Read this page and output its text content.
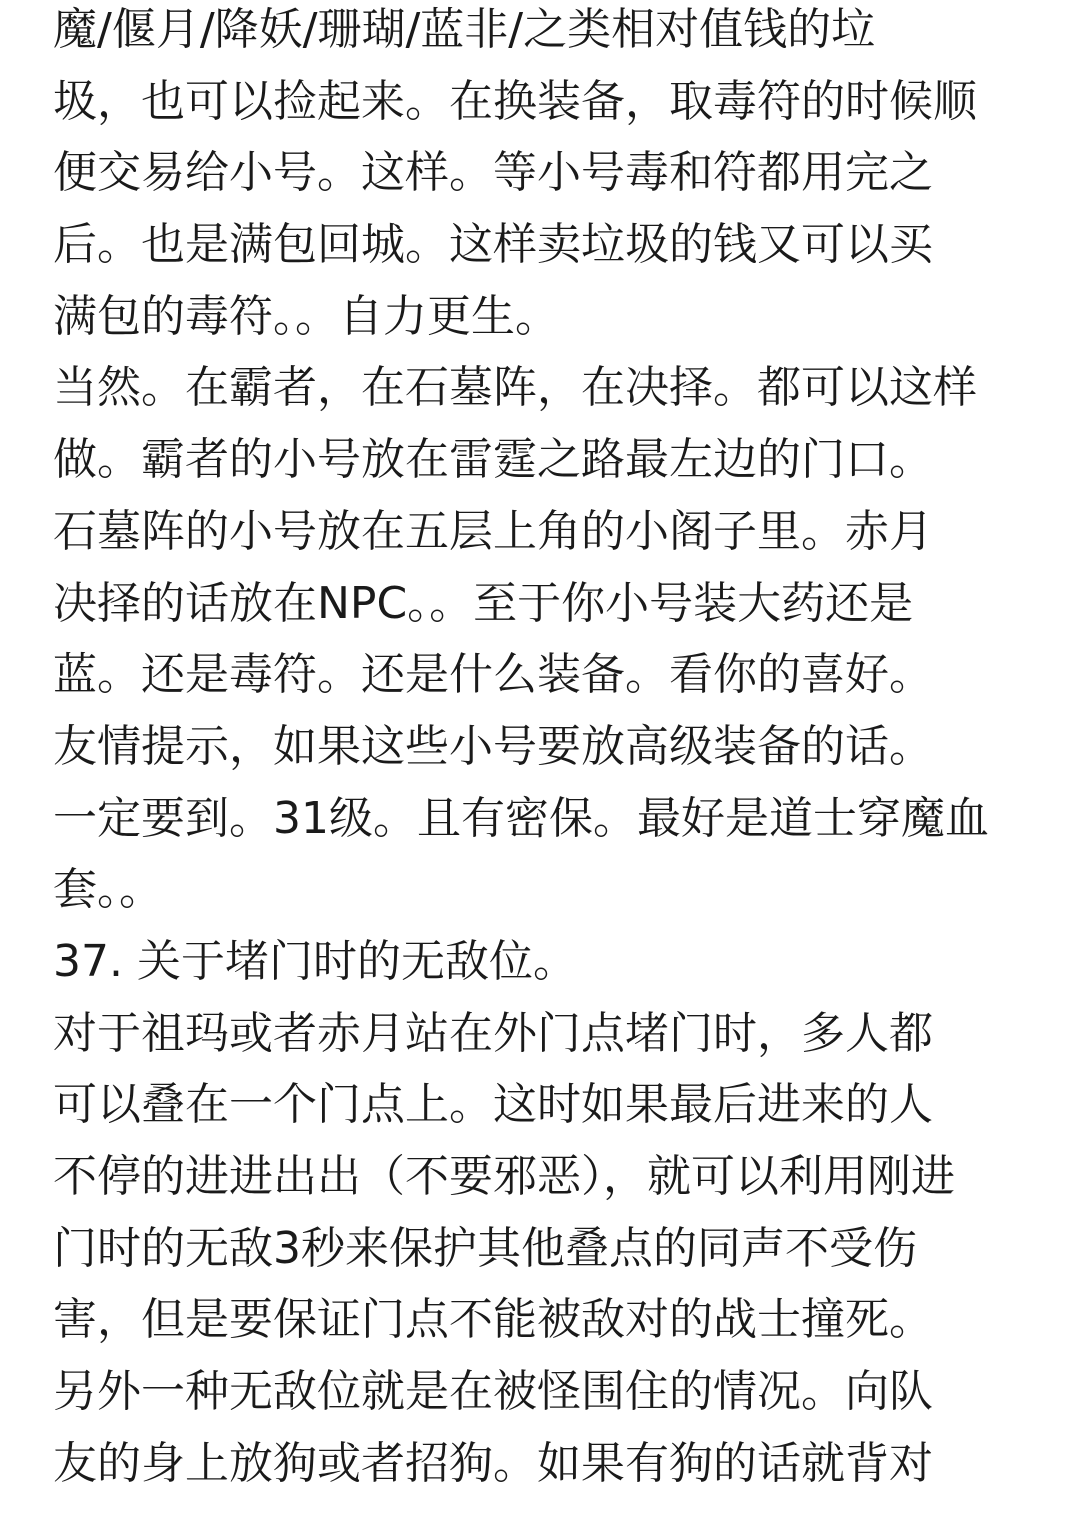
魔/偃月/降妖/珊瑚/蓝非/之类相对值钱的垃
圾，也可以捡起来。在换装备，取毒符的时候顺
便交易给小号。这样。等小号毒和符都用完之
后。也是满包回城。这样卖垃圾的钱又可以买
满包的毒符。。自力更生。
当然。在霸者，在石墓阵，在决择。都可以这样
做。霸者的小号放在雷霆之路最左边的门口。
石墓阵的小号放在五层上角的小阁子里。赤月
决择的话放在NPC。。至于你小号装大药还是
蓝。还是毒符。还是什么装备。看你的喜好。
友情提示，如果这些小号要放高级装备的话。
一定要到。31级。且有密保。最好是道士穿魔血
套。。
37. 关于堵门时的无敌位。
对于祖玛或者赤月站在外门点堵门时，多人都
可以叠在一个门点上。这时如果最后进来的人
不停的进进出出（不要邪恶），就可以利用刚进
门时的无敌3秒来保护其他叠点的同声不受伤
害，但是要保证门点不能被敌对的战士撞死。
另外一种无敌位就是在被怪围住的情况。向队
友的身上放狗或者招狗。如果有狗的话就背对
